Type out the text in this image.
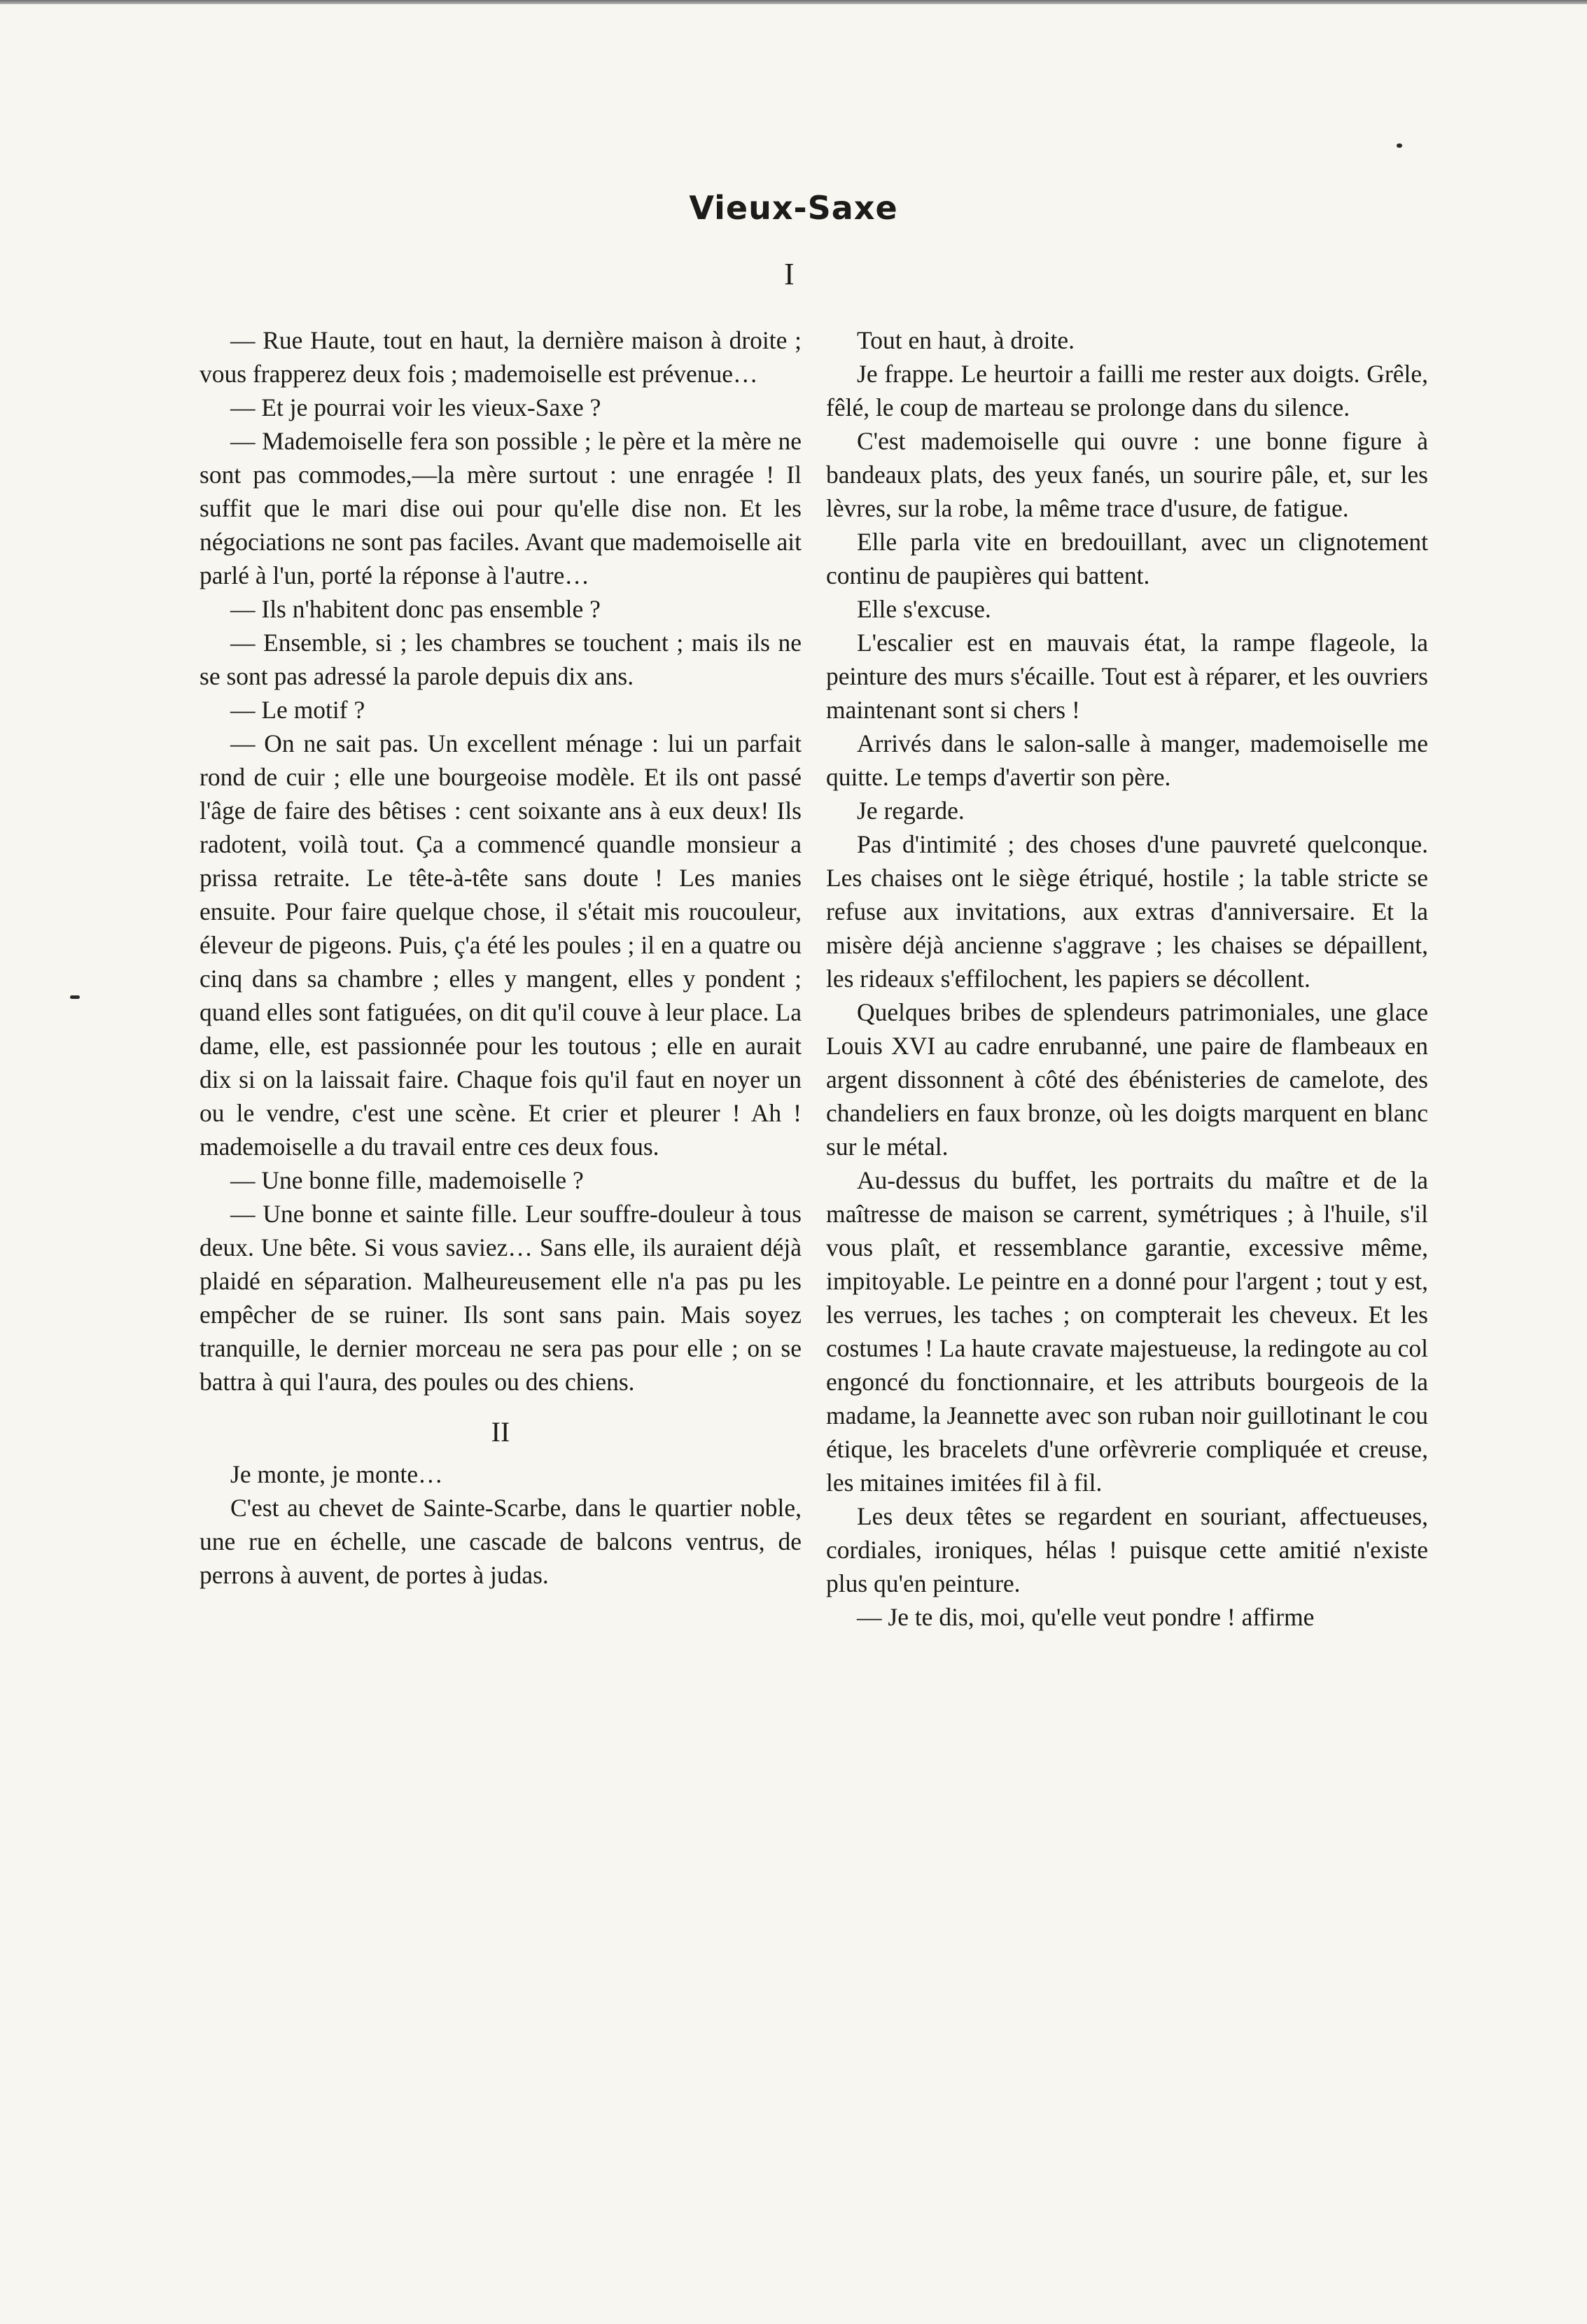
Vieux-Saxe
I

— Rue Haute, tout en haut, la dernière maison à droite ; vous frapperez deux fois ; mademoiselle est prévenue…

— Et je pourrai voir les vieux-Saxe ?

— Mademoiselle fera son possible ; le père et la mère ne sont pas commodes,—la mère surtout : une enragée ! Il suffit que le mari dise oui pour qu'elle dise non. Et les négociations ne sont pas faciles. Avant que mademoiselle ait parlé à l'un, porté la réponse à l'autre…

— Ils n'habitent donc pas ensemble ?

— Ensemble, si ; les chambres se touchent ; mais ils ne se sont pas adressé la parole depuis dix ans.

— Le motif ?

— On ne sait pas. Un excellent ménage : lui un parfait rond de cuir ; elle une bourgeoise modèle. Et ils ont passé l'âge de faire des bêtises : cent soixante ans à eux deux! Ils radotent, voilà tout. Ça a commencé quandle monsieur a prissa retraite. Le tête-à-tête sans doute ! Les manies ensuite. Pour faire quelque chose, il s'était mis roucouleur, éleveur de pigeons. Puis, ç'a été les poules ; il en a quatre ou cinq dans sa chambre ; elles y mangent, elles y pondent ; quand elles sont fatiguées, on dit qu'il couve à leur place. La dame, elle, est passionnée pour les toutous ; elle en aurait dix si on la laissait faire. Chaque fois qu'il faut en noyer un ou le vendre, c'est une scène. Et crier et pleurer ! Ah ! mademoiselle a du travail entre ces deux fous.

— Une bonne fille, mademoiselle ?

— Une bonne et sainte fille. Leur souffre-douleur à tous deux. Une bête. Si vous saviez… Sans elle, ils auraient déjà plaidé en séparation. Malheureusement elle n'a pas pu les empêcher de se ruiner. Ils sont sans pain. Mais soyez tranquille, le dernier morceau ne sera pas pour elle ; on se battra à qui l'aura, des poules ou des chiens.

II

Je monte, je monte…

C'est au chevet de Sainte-Scarbe, dans le quartier noble, une rue en échelle, une cascade de balcons ventrus, de perrons à auvent, de portes à judas.

Tout en haut, à droite.

Je frappe. Le heurtoir a failli me rester aux doigts. Grêle, fêlé, le coup de marteau se prolonge dans du silence.

C'est mademoiselle qui ouvre : une bonne figure à bandeaux plats, des yeux fanés, un sourire pâle, et, sur les lèvres, sur la robe, la même trace d'usure, de fatigue.

Elle parla vite en bredouillant, avec un clignotement continu de paupières qui battent.

Elle s'excuse.

L'escalier est en mauvais état, la rampe flageole, la peinture des murs s'écaille. Tout est à réparer, et les ouvriers maintenant sont si chers !

Arrivés dans le salon-salle à manger, mademoiselle me quitte. Le temps d'avertir son père.

Je regarde.

Pas d'intimité ; des choses d'une pauvreté quelconque. Les chaises ont le siège étriqué, hostile ; la table stricte se refuse aux invitations, aux extras d'anniversaire. Et la misère déjà ancienne s'aggrave ; les chaises se dépaillent, les rideaux s'effilochent, les papiers se décollent.

Quelques bribes de splendeurs patrimoniales, une glace Louis XVI au cadre enrubanné, une paire de flambeaux en argent dissonnent à côté des ébénisteries de camelote, des chandeliers en faux bronze, où les doigts marquent en blanc sur le métal.

Au-dessus du buffet, les portraits du maître et de la maîtresse de maison se carrent, symétriques ; à l'huile, s'il vous plaît, et ressemblance garantie, excessive même, impitoyable. Le peintre en a donné pour l'argent ; tout y est, les verrues, les taches ; on compterait les cheveux. Et les costumes ! La haute cravate majestueuse, la redingote au col engoncé du fonctionnaire, et les attributs bourgeois de la madame, la Jeannette avec son ruban noir guillotinant le cou étique, les bracelets d'une orfèvrerie compliquée et creuse, les mitaines imitées fil à fil.

Les deux têtes se regardent en souriant, affectueuses, cordiales, ironiques, hélas ! puisque cette amitié n'existe plus qu'en peinture.

— Je te dis, moi, qu'elle veut pondre ! affirme
